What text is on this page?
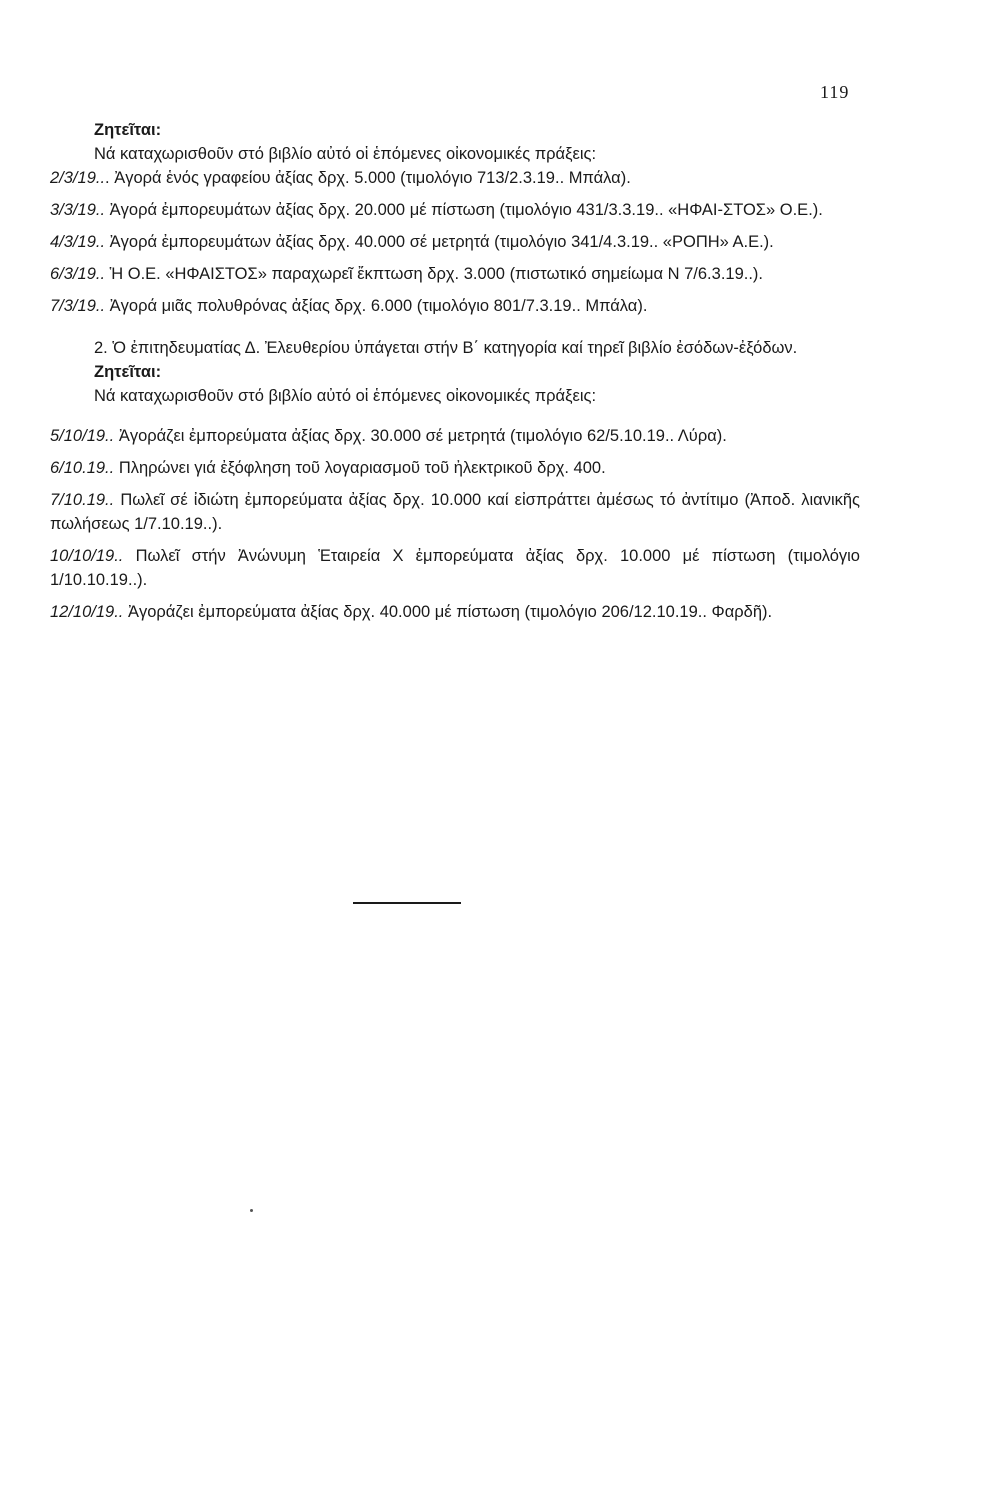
119
Ζητεῖται:
Νά καταχωρισθοῦν στό βιβλίο αὐτό οἱ ἑπόμενες οἰκονομικές πράξεις:
2/3/19... Ἀγορά ἑνός γραφείου ἀξίας δρχ. 5.000 (τιμολόγιο 713/2.3.19.. Μπάλα).
3/3/19.. Ἀγορά ἐμπορευμάτων ἀξίας δρχ. 20.000 μέ πίστωση (τιμολόγιο 431/3.3.19.. «ΗΦΑΙ-ΣΤΟΣ» Ο.Ε.).
4/3/19.. Ἀγορά ἐμπορευμάτων ἀξίας δρχ. 40.000 σέ μετρητά (τιμολόγιο 341/4.3.19.. «ΡΟΠΗ» Α.Ε.).
6/3/19.. Ἡ Ο.Ε. «ΗΦΑΙΣΤΟΣ» παραχωρεῖ ἔκπτωση δρχ. 3.000 (πιστωτικό σημείωμα Ν 7/6.3.19..).
7/3/19.. Ἀγορά μιᾶς πολυθρόνας ἀξίας δρχ. 6.000 (τιμολόγιο 801/7.3.19.. Μπάλα).
2. Ὁ ἐπιτηδευματίας Δ. Ἐλευθερίου ὑπάγεται στήν Β΄ κατηγορία καί τηρεῖ βιβλίο ἐσόδων-ἐξόδων.
Ζητεῖται:
Νά καταχωρισθοῦν στό βιβλίο αὐτό οἱ ἑπόμενες οἰκονομικές πράξεις:
5/10/19.. Ἀγοράζει ἐμπορεύματα ἀξίας δρχ. 30.000 σέ μετρητά (τιμολόγιο 62/5.10.19.. Λύρα).
6/10.19.. Πληρώνει γιά ἐξόφληση τοῦ λογαριασμοῦ τοῦ ἠλεκτρικοῦ δρχ. 400.
7/10.19.. Πωλεῖ σέ ἰδιώτη ἐμπορεύματα ἀξίας δρχ. 10.000 καί εἰσπράττει ἀμέσως τό ἀντίτιμο (Ἀποδ. λιανικῆς πωλήσεως 1/7.10.19..).
10/10/19.. Πωλεῖ στήν Ἀνώνυμη Ἑταιρεία Χ ἐμπορεύματα ἀξίας δρχ. 10.000 μέ πίστωση (τιμολόγιο 1/10.10.19..).
12/10/19.. Ἀγοράζει ἐμπορεύματα ἀξίας δρχ. 40.000 μέ πίστωση (τιμολόγιο 206/12.10.19.. Φαρδῆ).
